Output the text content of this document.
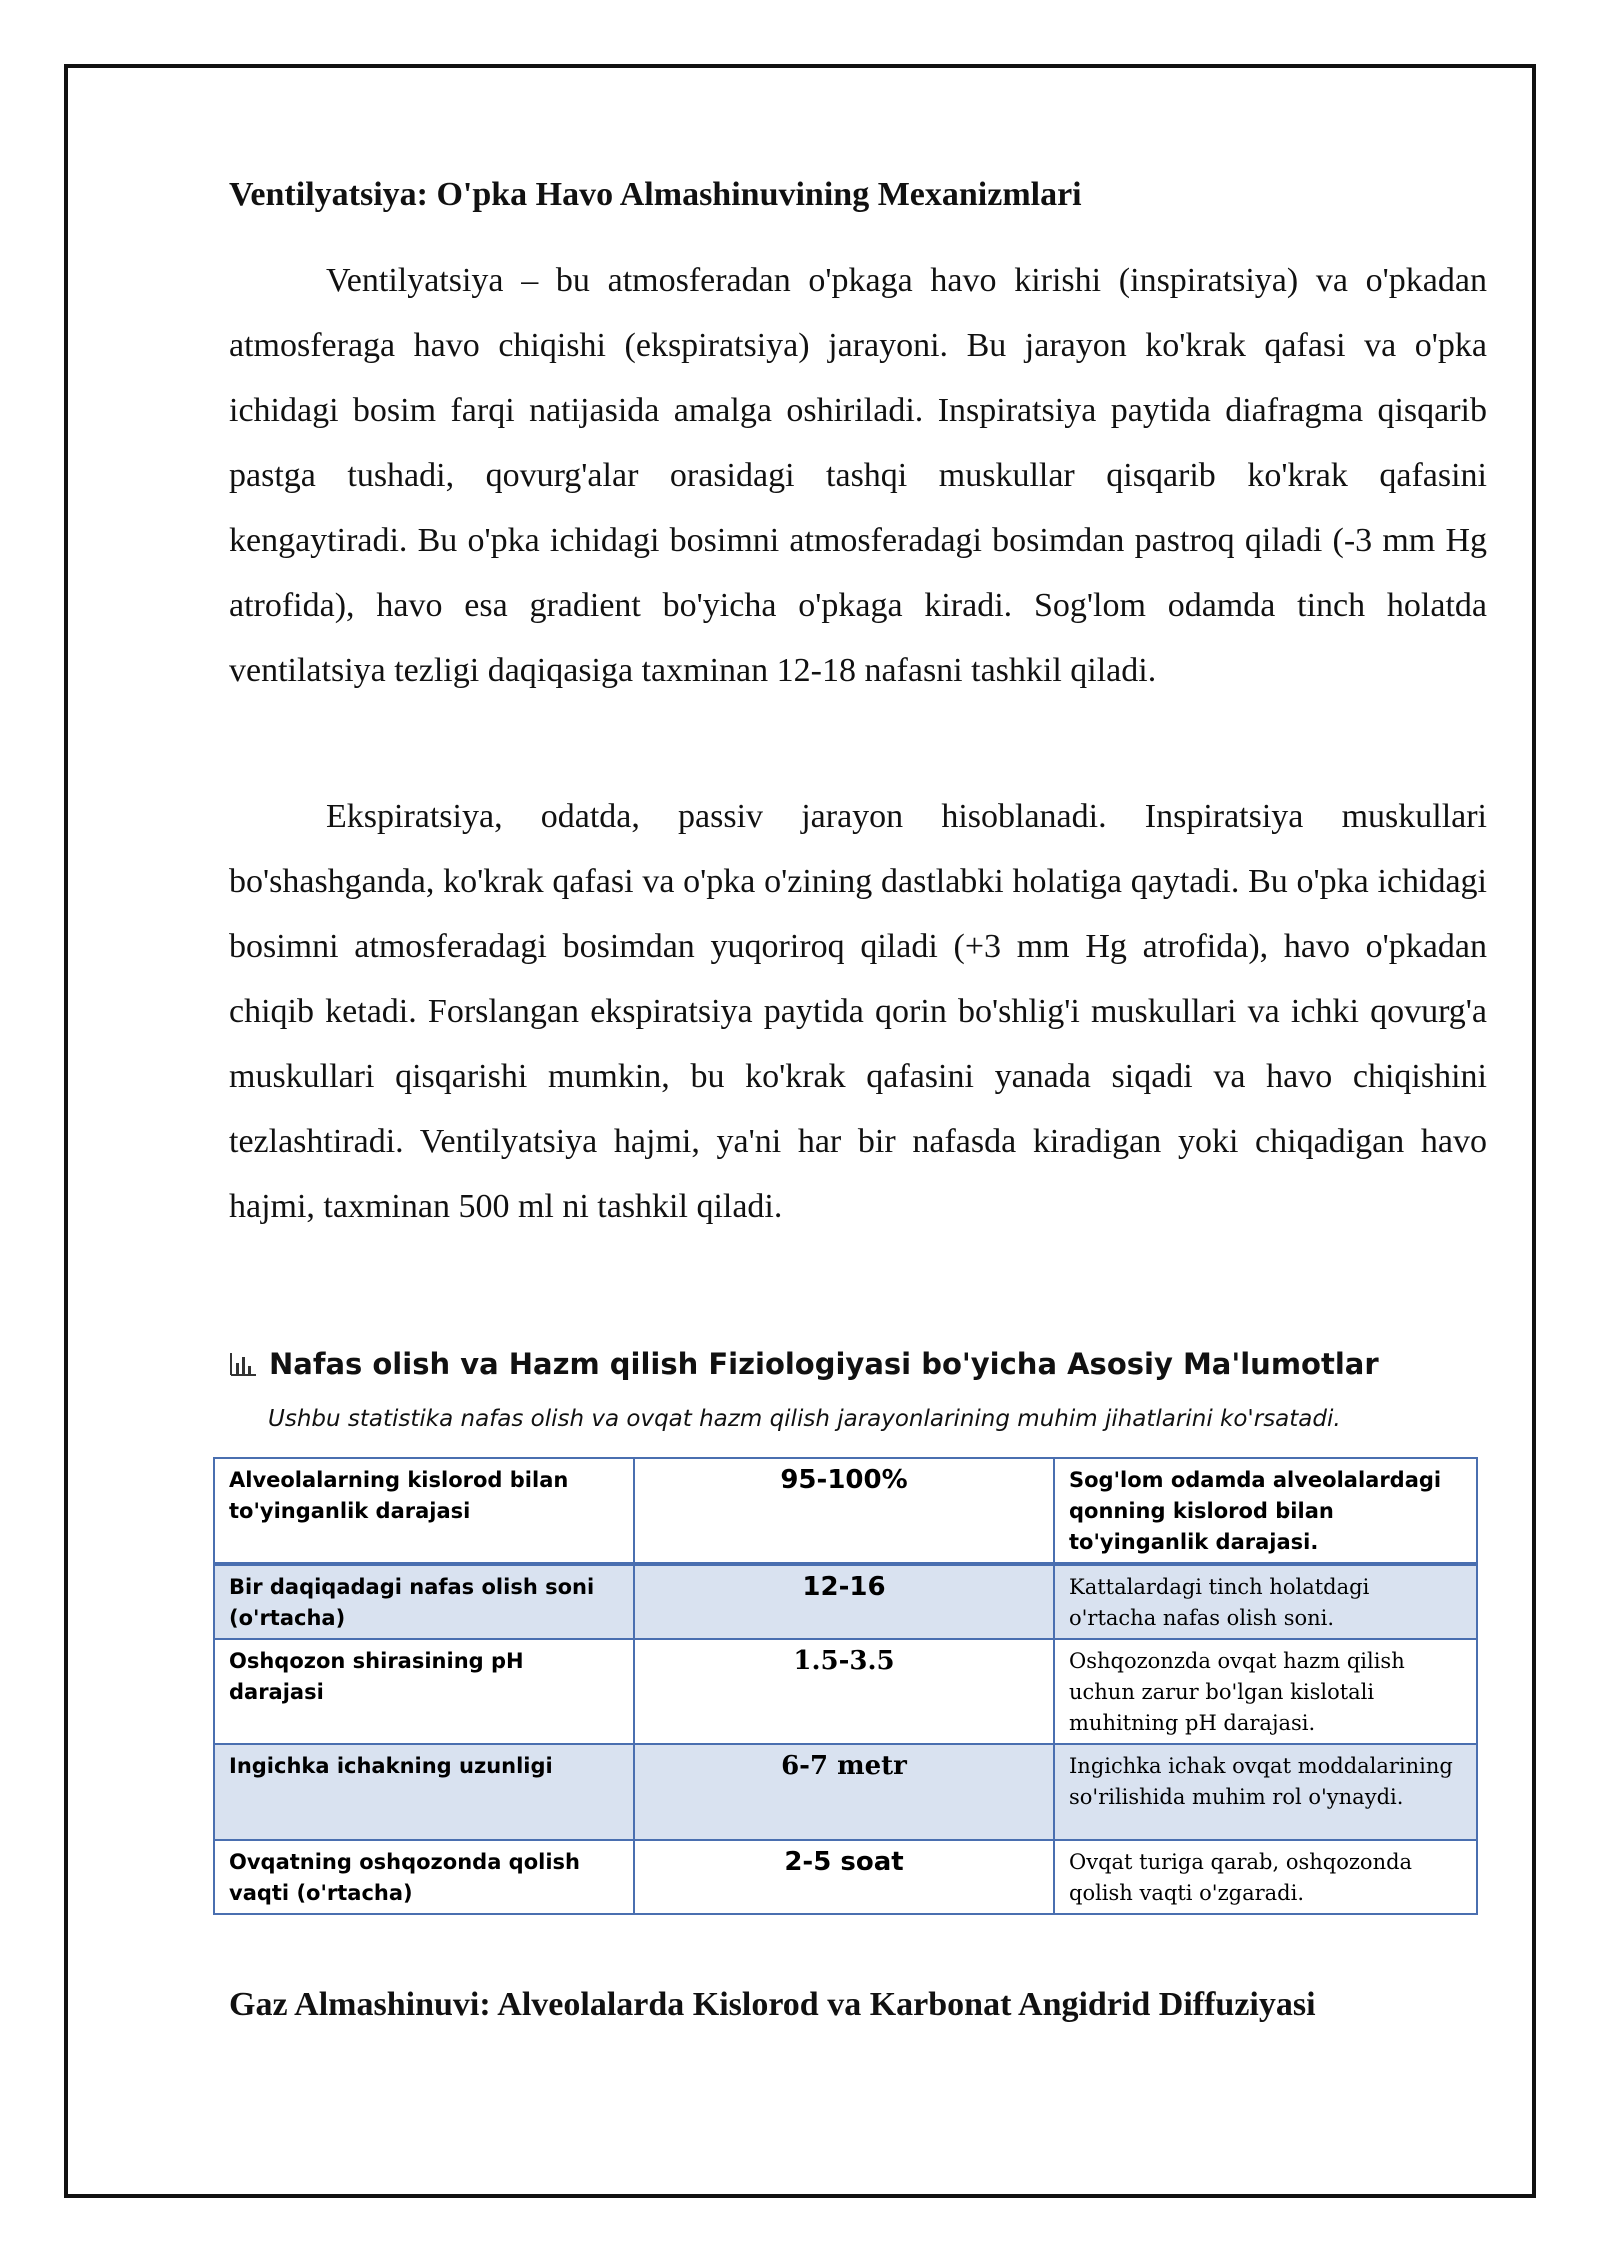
Ventilyatsiya: O'pka Havo Almashinuvining Mexanizmlari

Ventilyatsiya – bu atmosferadan o'pkaga havo kirishi (inspiratsiya) va o'pkadan atmosferaga havo chiqishi (ekspiratsiya) jarayoni. Bu jarayon ko'krak qafasi va o'pka ichidagi bosim farqi natijasida amalga oshiriladi. Inspiratsiya paytida diafragma qisqarib pastga tushadi, qovurg'alar orasidagi tashqi muskullar qisqarib ko'krak qafasini kengaytiradi. Bu o'pka ichidagi bosimni atmosferadagi bosimdan pastroq qiladi (-3 mm Hg atrofida), havo esa gradient bo'yicha o'pkaga kiradi. Sog'lom odamda tinch holatda ventilatsiya tezligi daqiqasiga taxminan 12-18 nafasni tashkil qiladi.

Ekspiratsiya, odatda, passiv jarayon hisoblanadi. Inspiratsiya muskullari bo'shashganda, ko'krak qafasi va o'pka o'zining dastlabki holatiga qaytadi. Bu o'pka ichidagi bosimni atmosferadagi bosimdan yuqoriroq qiladi (+3 mm Hg atrofida), havo o'pkadan chiqib ketadi. Forslangan ekspiratsiya paytida qorin bo'shlig'i muskullari va ichki qovurg'a muskullari qisqarishi mumkin, bu ko'krak qafasini yanada siqadi va havo chiqishini tezlashtiradi. Ventilyatsiya hajmi, ya'ni har bir nafasda kiradigan yoki chiqadigan havo hajmi, taxminan 500 ml ni tashkil qiladi.

Nafas olish va Hazm qilish Fiziologiyasi bo'yicha Asosiy Ma'lumotlar
Ushbu statistika nafas olish va ovqat hazm qilish jarayonlarining muhim jihatlarini ko'rsatadi.
Alveolalarning kislorod bilan to'yinganlik darajasi	95-100%	Sog'lom odamda alveolalardagi qonning kislorod bilan to'yinganlik darajasi.
Bir daqiqadagi nafas olish soni (o'rtacha)	12-16	Kattalardagi tinch holatdagi o'rtacha nafas olish soni.
Oshqozon shirasining pH darajasi	1.5-3.5	Oshqozonzda ovqat hazm qilish uchun zarur bo'lgan kislotali muhitning pH darajasi.
Ingichka ichakning uzunligi	6-7 metr	Ingichka ichak ovqat moddalarining so'rilishida muhim rol o'ynaydi.
Ovqatning oshqozonda qolish vaqti (o'rtacha)	2-5 soat	Ovqat turiga qarab, oshqozonda qolish vaqti o'zgaradi.
Gaz Almashinuvi: Alveolalarda Kislorod va Karbonat Angidrid Diffuziyasi
